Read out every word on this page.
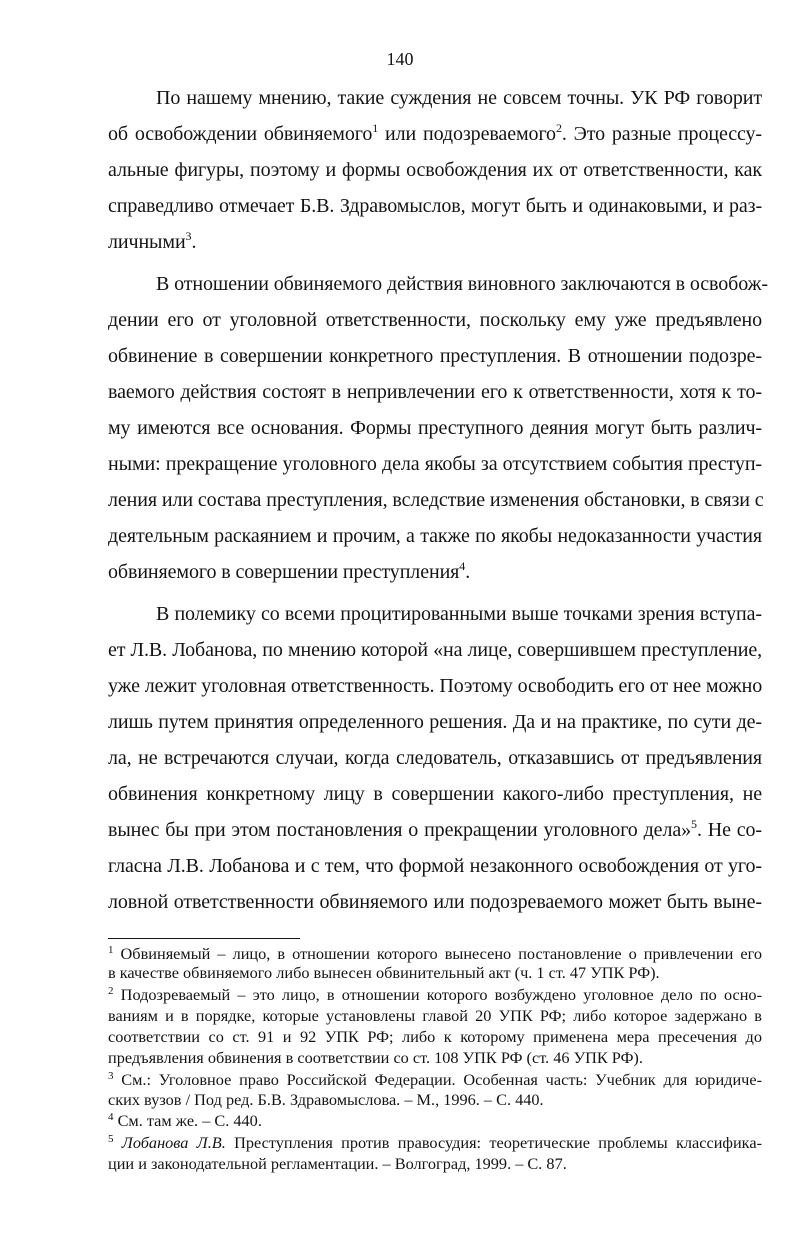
140
По нашему мнению, такие суждения не совсем точны. УК РФ говорит
об освобождении обвиняемого$^1$ или подозреваемого$^2$. Это разные процессу-
альные фигуры, поэтому и формы освобождения их от ответственности, как
справедливо отмечает Б.В. Здравомыслов, могут быть и одинаковыми, и раз-
личными$^3$.
В отношении обвиняемого действия виновного заключаются в освобож-
дении его от уголовной ответственности, поскольку ему уже предъявлено
обвинение в совершении конкретного преступления. В отношении подозре-
ваемого действия состоят в непривлечении его к ответственности, хотя к то-
му имеются все основания. Формы преступного деяния могут быть различ-
ными: прекращение уголовного дела якобы за отсутствием события преступ-
ления или состава преступления, вследствие изменения обстановки, в связи с
деятельным раскаянием и прочим, а также по якобы недоказанности участия
обвиняемого в совершении преступления$^4$.
В полемику со всеми процитированными выше точками зрения вступа-
ет Л.В. Лобанова, по мнению которой «на лице, совершившем преступление,
уже лежит уголовная ответственность. Поэтому освободить его от нее можно
лишь путем принятия определенного решения. Да и на практике, по сути де-
ла, не встречаются случаи, когда следователь, отказавшись от предъявления
обвинения конкретному лицу в совершении какого-либо преступления, не
вынес бы при этом постановления о прекращении уголовного дела»$^5$. Не со-
гласна Л.В. Лобанова и с тем, что формой незаконного освобождения от уго-
ловной ответственности обвиняемого или подозреваемого может быть выне-
$^1$ Обвиняемый – лицо, в отношении которого вынесено постановление о привлечении его
в качестве обвиняемого либо вынесен обвинительный акт (ч. 1 ст. 47 УПК РФ).
$^2$ Подозреваемый – это лицо, в отношении которого возбуждено уголовное дело по осно-
ваниям и в порядке, которые установлены главой 20 УПК РФ; либо которое задержано в
соответствии со ст. 91 и 92 УПК РФ; либо к которому применена мера пресечения до
предъявления обвинения в соответствии со ст. 108 УПК РФ (ст. 46 УПК РФ).
$^3$ См.: Уголовное право Российской Федерации. Особенная часть: Учебник для юридиче-
ских вузов / Под ред. Б.В. Здравомыслова. – М., 1996. – С. 440.
$^4$ См. там же. – С. 440.
$^5$ Лобанова Л.В. Преступления против правосудия: теоретические проблемы классифика-
ции и законодательной регламентации. – Волгоград, 1999. – С. 87.
